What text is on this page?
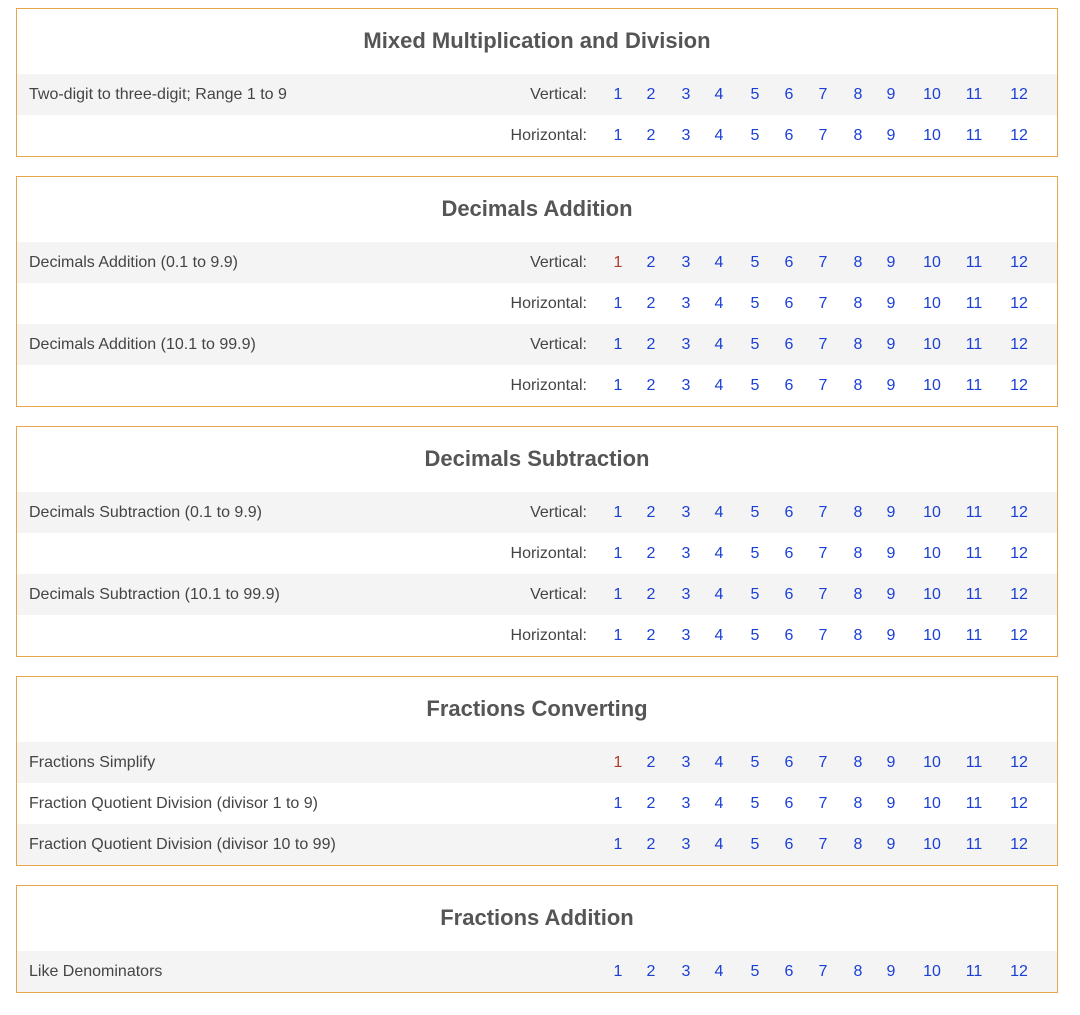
Mixed Multiplication and Division
Two-digit to three-digit; Range 1 to 9	Vertical:	1	2	3	4	5	6	7	8	9	10	11	12
Horizontal:	1	2	3	4	5	6	7	8	9	10	11	12
Decimals Addition
Decimals Addition (0.1 to 9.9)	Vertical:	1	2	3	4	5	6	7	8	9	10	11	12
Horizontal:	1	2	3	4	5	6	7	8	9	10	11	12
Decimals Addition (10.1 to 99.9)	Vertical:	1	2	3	4	5	6	7	8	9	10	11	12
Horizontal:	1	2	3	4	5	6	7	8	9	10	11	12
Decimals Subtraction
Decimals Subtraction (0.1 to 9.9)	Vertical:	1	2	3	4	5	6	7	8	9	10	11	12
Horizontal:	1	2	3	4	5	6	7	8	9	10	11	12
Decimals Subtraction (10.1 to 99.9)	Vertical:	1	2	3	4	5	6	7	8	9	10	11	12
Horizontal:	1	2	3	4	5	6	7	8	9	10	11	12
Fractions Converting
Fractions Simplify	1	2	3	4	5	6	7	8	9	10	11	12
Fraction Quotient Division (divisor 1 to 9)	1	2	3	4	5	6	7	8	9	10	11	12
Fraction Quotient Division (divisor 10 to 99)	1	2	3	4	5	6	7	8	9	10	11	12
Fractions Addition
Like Denominators	1	2	3	4	5	6	7	8	9	10	11	12
